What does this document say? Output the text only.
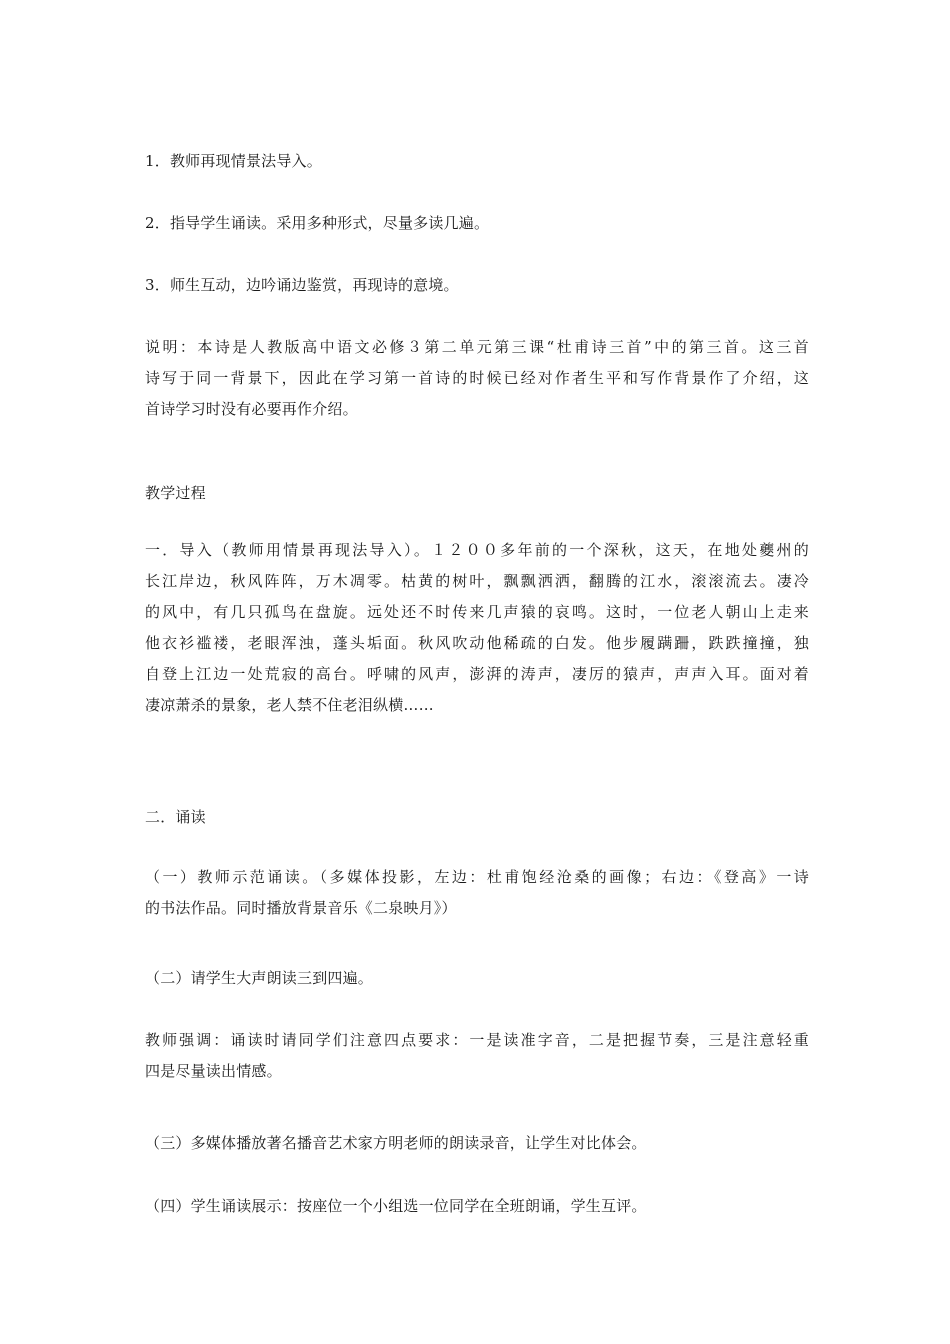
1．教师再现情景法导入。

2．指导学生诵读。采用多种形式，尽量多读几遍。

3．师生互动，边吟诵边鉴赏，再现诗的意境。

说明：本诗是人教版高中语文必修３第二单元第三课“杜甫诗三首”中的第三首。这三首
诗写于同一背景下，因此在学习第一首诗的时候已经对作者生平和写作背景作了介绍，这
首诗学习时没有必要再作介绍。

教学过程

一．导入（教师用情景再现法导入）。１２００多年前的一个深秋，这天，在地处夔州的
长江岸边，秋风阵阵，万木凋零。枯黄的树叶，飘飘洒洒，翻腾的江水，滚滚流去。凄冷
的风中，有几只孤鸟在盘旋。远处还不时传来几声猿的哀鸣。这时，一位老人朝山上走来
他衣衫褴褛，老眼浑浊，蓬头垢面。秋风吹动他稀疏的白发。他步履蹒跚，跌跌撞撞，独
自登上江边一处荒寂的高台。呼啸的风声，澎湃的涛声，凄厉的猿声，声声入耳。面对着
凄凉萧杀的景象，老人禁不住老泪纵横……

二．诵读

（一）教师示范诵读。（多媒体投影，左边：杜甫饱经沧桑的画像；右边：《登高》一诗
的书法作品。同时播放背景音乐《二泉映月》）

（二）请学生大声朗读三到四遍。

教师强调：诵读时请同学们注意四点要求：一是读准字音，二是把握节奏，三是注意轻重
四是尽量读出情感。

（三）多媒体播放著名播音艺术家方明老师的朗读录音，让学生对比体会。

（四）学生诵读展示：按座位一个小组选一位同学在全班朗诵，学生互评。
